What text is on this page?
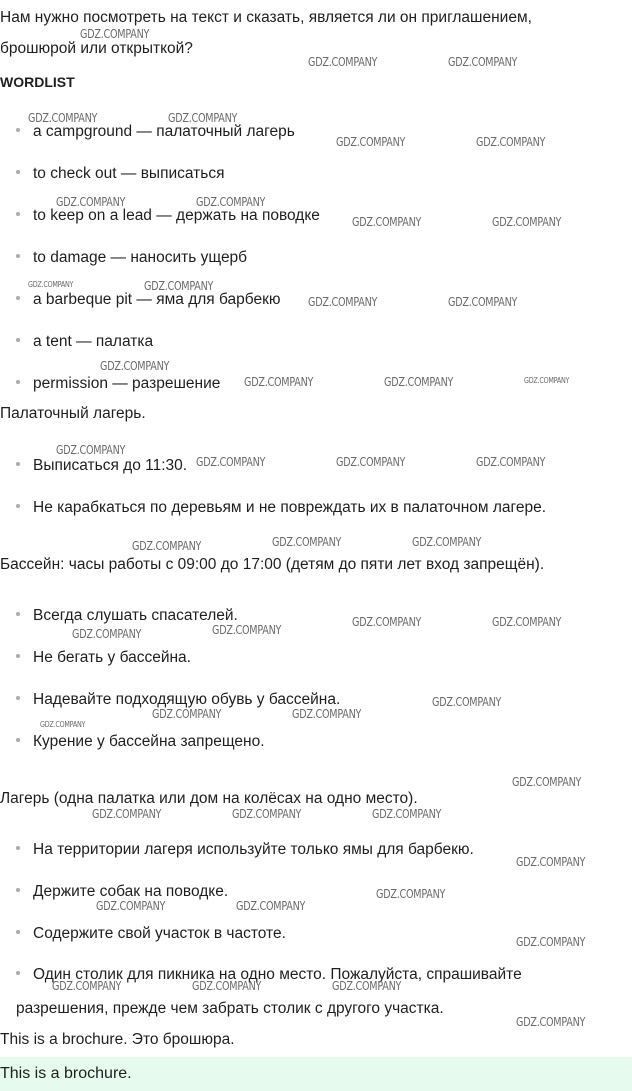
Нам нужно посмотреть на текст и сказать, является ли он приглашением, брошюрой или открыткой?
WORDLIST
a campground — палаточный лагерь
to check out — выписаться
to keep on a lead — держать на поводке
to damage — наносить ущерб
a barbeque pit — яма для барбекю
a tent — палатка
permission — разрешение
Палаточный лагерь.
Выписаться до 11:30.
Не карабкаться по деревьям и не повреждать их в палаточном лагере.
Бассейн: часы работы с 09:00 до 17:00 (детям до пяти лет вход запрещён).
Всегда слушать спасателей.
Не бегать у бассейна.
Надевайте подходящую обувь у бассейна.
Курение у бассейна запрещено.
Лагерь (одна палатка или дом на колёсах на одно место).
На территории лагеря используйте только ямы для барбекю.
Держите собак на поводке.
Содержите свой участок в частоте.
Один столик для пикника на одно место. Пожалуйста, спрашивайте разрешения, прежде чем забрать столик с другого участка.
This is a brochure. Это брошюра.
This is a brochure.
GDZ.COMPANY
GDZ.COMPANY	GDZ.COMPANY
GDZ.COMPANY	GDZ.COMPANY
GDZ.COMPANY	GDZ.COMPANY
GDZ.COMPANY	GDZ.COMPANY
GDZ.COMPANY	GDZ.COMPANY
GDZ.COMPANY	GDZ.COMPANY
GDZ.COMPANY	GDZ.COMPANY
GDZ.COMPANY
GDZ.COMPANY	GDZ.COMPANY	GDZ.COMPANY
GDZ.COMPANY
GDZ.COMPANY	GDZ.COMPANY	GDZ.COMPANY
GDZ.COMPANY	GDZ.COMPANY	GDZ.COMPANY
GDZ.COMPANY	GDZ.COMPANY
GDZ.COMPANY	GDZ.COMPANY
GDZ.COMPANY
GDZ.COMPANY	GDZ.COMPANY
GDZ.COMPANY
GDZ.COMPANY
GDZ.COMPANY	GDZ.COMPANY	GDZ.COMPANY
GDZ.COMPANY
GDZ.COMPANY
GDZ.COMPANY	GDZ.COMPANY
GDZ.COMPANY
GDZ.COMPANY	GDZ.COMPANY	GDZ.COMPANY
GDZ.COMPANY
